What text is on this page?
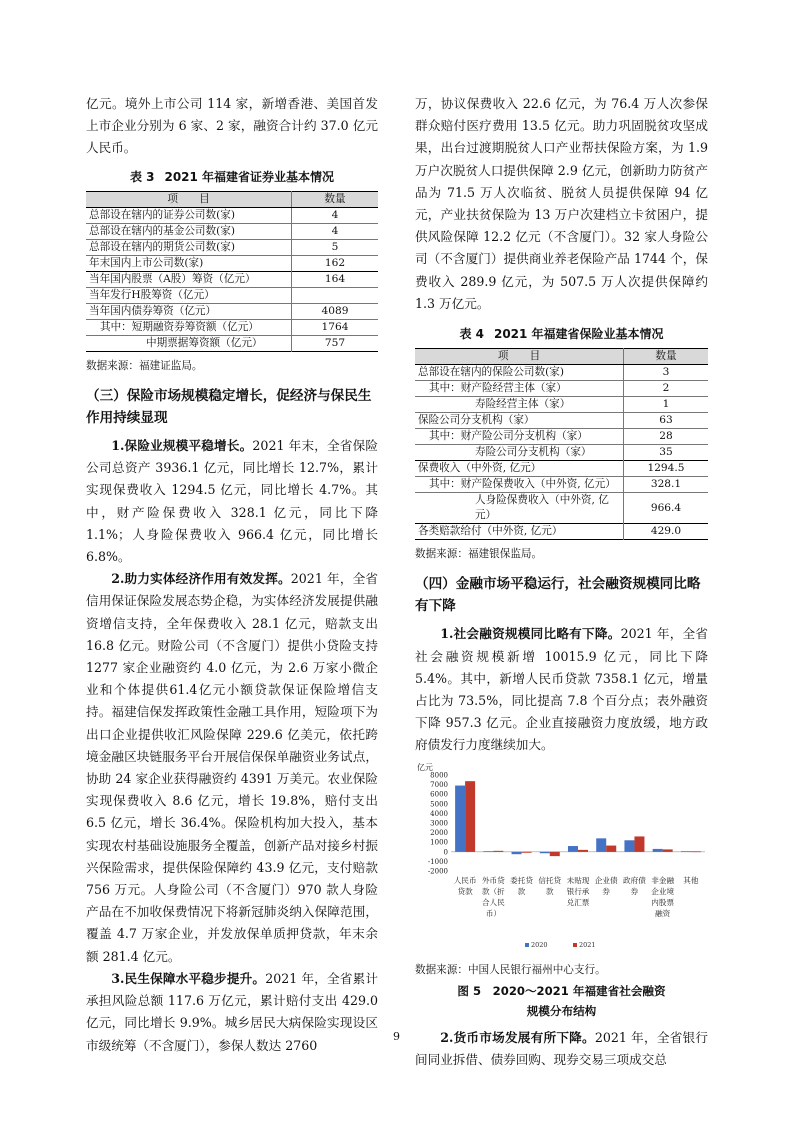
亿元。境外上市公司 114 家，新增香港、美国首发上市企业分别为 6 家、2 家，融资合计约 37.0 亿元人民币。

表 3 2021 年福建省证券业基本情况
项　　目	数量
总部设在辖内的证券公司数(家)	4
总部设在辖内的基金公司数(家)	4
总部设在辖内的期货公司数(家)	5
年末国内上市公司数(家)	162
当年国内股票（A股）筹资（亿元）	164
当年发行H股筹资（亿元）	
当年国内债券筹资（亿元）	4089
其中：短期融资券筹资额（亿元）	1764
中期票据筹资额（亿元）	757
数据来源：福建证监局。
（三）保险市场规模稳定增长，促经济与保民生作用持续显现

1.保险业规模平稳增长。2021 年末，全省保险公司总资产 3936.1 亿元，同比增长 12.7%，累计实现保费收入 1294.5 亿元，同比增长 4.7%。其中，财产险保费收入 328.1 亿元，同比下降 1.1%；人身险保费收入 966.4 亿元，同比增长 6.8%。

2.助力实体经济作用有效发挥。2021 年，全省信用保证保险发展态势企稳，为实体经济发展提供融资增信支持，全年保费收入 28.1 亿元，赔款支出 16.8 亿元。财险公司（不含厦门）提供小贷险支持 1277 家企业融资约 4.0 亿元，为 2.6 万家小微企业和个体提供61.4亿元小额贷款保证保险增信支持。福建信保发挥政策性金融工具作用，短险项下为出口企业提供收汇风险保障 229.6 亿美元，依托跨境金融区块链服务平台开展信保保单融资业务试点，协助 24 家企业获得融资约 4391 万美元。农业保险实现保费收入 8.6 亿元，增长 19.8%，赔付支出 6.5 亿元，增长 36.4%。保险机构加大投入，基本实现农村基础设施服务全覆盖，创新产品对接乡村振兴保险需求，提供保险保障约 43.9 亿元，支付赔款 756 万元。人身险公司（不含厦门）970 款人身险产品在不加收保费情况下将新冠肺炎纳入保障范围，覆盖 4.7 万家企业，并发放保单质押贷款，年末余额 281.4 亿元。

3.民生保障水平稳步提升。2021 年，全省累计承担风险总额 117.6 万亿元，累计赔付支出 429.0 亿元，同比增长 9.9%。城乡居民大病保险实现设区市级统筹（不含厦门），参保人数达 2760

万，协议保费收入 22.6 亿元，为 76.4 万人次参保群众赔付医疗费用 13.5 亿元。助力巩固脱贫攻坚成果，出台过渡期脱贫人口产业帮扶保险方案，为 1.9 万户次脱贫人口提供保障 2.9 亿元，创新助力防贫产品为 71.5 万人次临贫、脱贫人员提供保障 94 亿元，产业扶贫保险为 13 万户次建档立卡贫困户，提供风险保障 12.2 亿元（不含厦门）。32 家人身险公司（不含厦门）提供商业养老保险产品 1744 个，保费收入 289.9 亿元，为 507.5 万人次提供保障约 1.3 万亿元。

表 4 2021 年福建省保险业基本情况
项　　目	数量
总部设在辖内的保险公司数(家)	3
其中：财产险经营主体（家）	2
寿险经营主体（家）	1
保险公司分支机构（家）	63
其中：财产险公司分支机构（家）	28
寿险公司分支机构（家）	35
保费收入（中外资, 亿元）	1294.5
其中：财产险保费收入（中外资, 亿元）	328.1
人身险保费收入（中外资, 亿元）	966.4
各类赔款给付（中外资, 亿元）	429.0
数据来源：福建银保监局。
（四）金融市场平稳运行，社会融资规模同比略有下降

1.社会融资规模同比略有下降。2021 年，全省社会融资规模新增 10015.9 亿元，同比下降 5.4%。其中，新增人民币贷款 7358.1 亿元，增量占比为 73.5%，同比提高 7.8 个百分点；表外融资下降 957.3 亿元。企业直接融资力度放缓，地方政府债发行力度继续加大。

亿元
8000
7000
6000
5000
4000
3000
2000
1000
0
-1000
-2000
人民币贷款
外币贷款（折合人民币）
委托贷款
信托贷款
未贴现银行承兑汇票
企业债券
政府债券
非金融企业境内股票融资
其他
2020	2021
数据来源：中国人民银行福州中心支行。
图 5　2020～2021 年福建省社会融资
规模分布结构

2.货币市场发展有所下降。2021 年，全省银行间同业拆借、债券回购、现券交易三项成交总

9
